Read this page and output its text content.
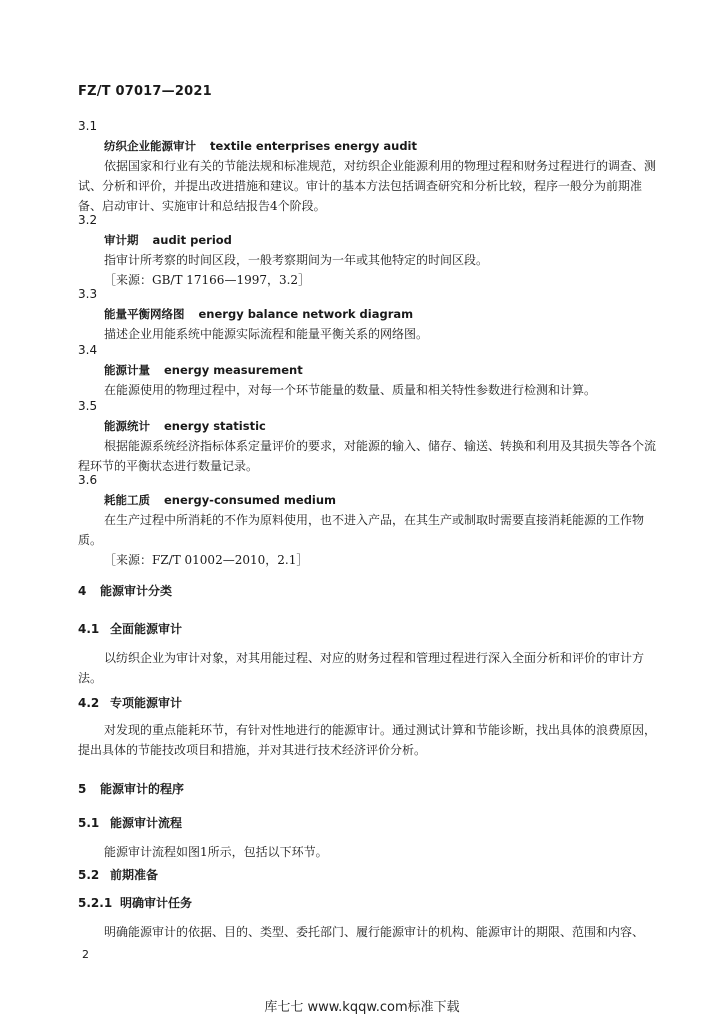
FZ/T 07017—2021
3.1
纺织企业能源审计 textile enterprises energy audit
依据国家和行业有关的节能法规和标准规范，对纺织企业能源利用的物理过程和财务过程进行的调查、测试、分析和评价，并提出改进措施和建议。审计的基本方法包括调查研究和分析比较，程序一般分为前期准备、启动审计、实施审计和总结报告4个阶段。
3.2
审计期 audit period
指审计所考察的时间区段，一般考察期间为一年或其他特定的时间区段。
［来源：GB/T 17166—1997，3.2］
3.3
能量平衡网络图 energy balance network diagram
描述企业用能系统中能源实际流程和能量平衡关系的网络图。
3.4
能源计量 energy measurement
在能源使用的物理过程中，对每一个环节能量的数量、质量和相关特性参数进行检测和计算。
3.5
能源统计 energy statistic
根据能源系统经济指标体系定量评价的要求，对能源的输入、储存、输送、转换和利用及其损失等各个流程环节的平衡状态进行数量记录。
3.6
耗能工质 energy-consumed medium
在生产过程中所消耗的不作为原料使用，也不进入产品，在其生产或制取时需要直接消耗能源的工作物质。
［来源：FZ/T 01002—2010，2.1］
4 能源审计分类
4.1 全面能源审计
以纺织企业为审计对象，对其用能过程、对应的财务过程和管理过程进行深入全面分析和评价的审计方法。
4.2 专项能源审计
对发现的重点能耗环节，有针对性地进行的能源审计。通过测试计算和节能诊断，找出具体的浪费原因，提出具体的节能技改项目和措施，并对其进行技术经济评价分析。
5 能源审计的程序
5.1 能源审计流程
能源审计流程如图1所示，包括以下环节。
5.2 前期准备
5.2.1 明确审计任务
明确能源审计的依据、目的、类型、委托部门、履行能源审计的机构、能源审计的期限、范围和内容、
2
库七七 www.kqqw.com标准下载
